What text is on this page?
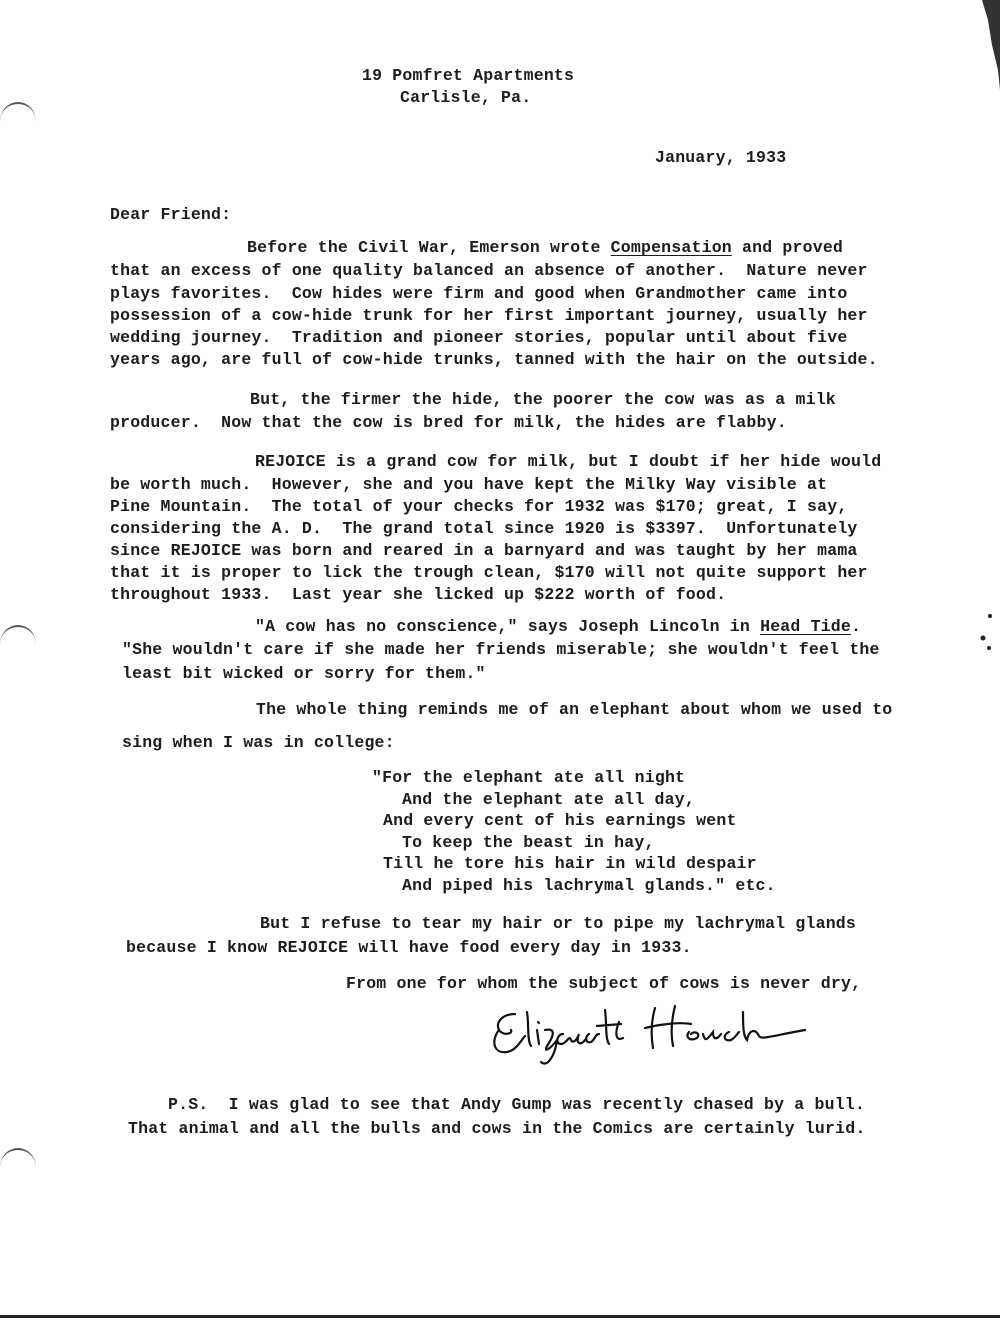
19 Pomfret Apartments
Carlisle, Pa.
January, 1933
Dear Friend:
Before the Civil War, Emerson wrote Compensation and proved
that an excess of one quality balanced an absence of another.  Nature never
plays favorites.  Cow hides were firm and good when Grandmother came into
possession of a cow-hide trunk for her first important journey, usually her
wedding journey.  Tradition and pioneer stories, popular until about five
years ago, are full of cow-hide trunks, tanned with the hair on the outside.
But, the firmer the hide, the poorer the cow was as a milk
producer.  Now that the cow is bred for milk, the hides are flabby.
REJOICE is a grand cow for milk, but I doubt if her hide would
be worth much.  However, she and you have kept the Milky Way visible at
Pine Mountain.  The total of your checks for 1932 was $170; great, I say,
considering the A. D.  The grand total since 1920 is $3397.  Unfortunately
since REJOICE was born and reared in a barnyard and was taught by her mama
that it is proper to lick the trough clean, $170 will not quite support her
throughout 1933.  Last year she licked up $222 worth of food.
"A cow has no conscience," says Joseph Lincoln in Head Tide.
"She wouldn't care if she made her friends miserable; she wouldn't feel the
least bit wicked or sorry for them."
The whole thing reminds me of an elephant about whom we used to
sing when I was in college:
"For the elephant ate all night
And the elephant ate all day,
And every cent of his earnings went
To keep the beast in hay,
Till he tore his hair in wild despair
And piped his lachrymal glands." etc.
But I refuse to tear my hair or to pipe my lachrymal glands
because I know REJOICE will have food every day in 1933.
From one for whom the subject of cows is never dry,
P.S.  I was glad to see that Andy Gump was recently chased by a bull.
That animal and all the bulls and cows in the Comics are certainly lurid.
